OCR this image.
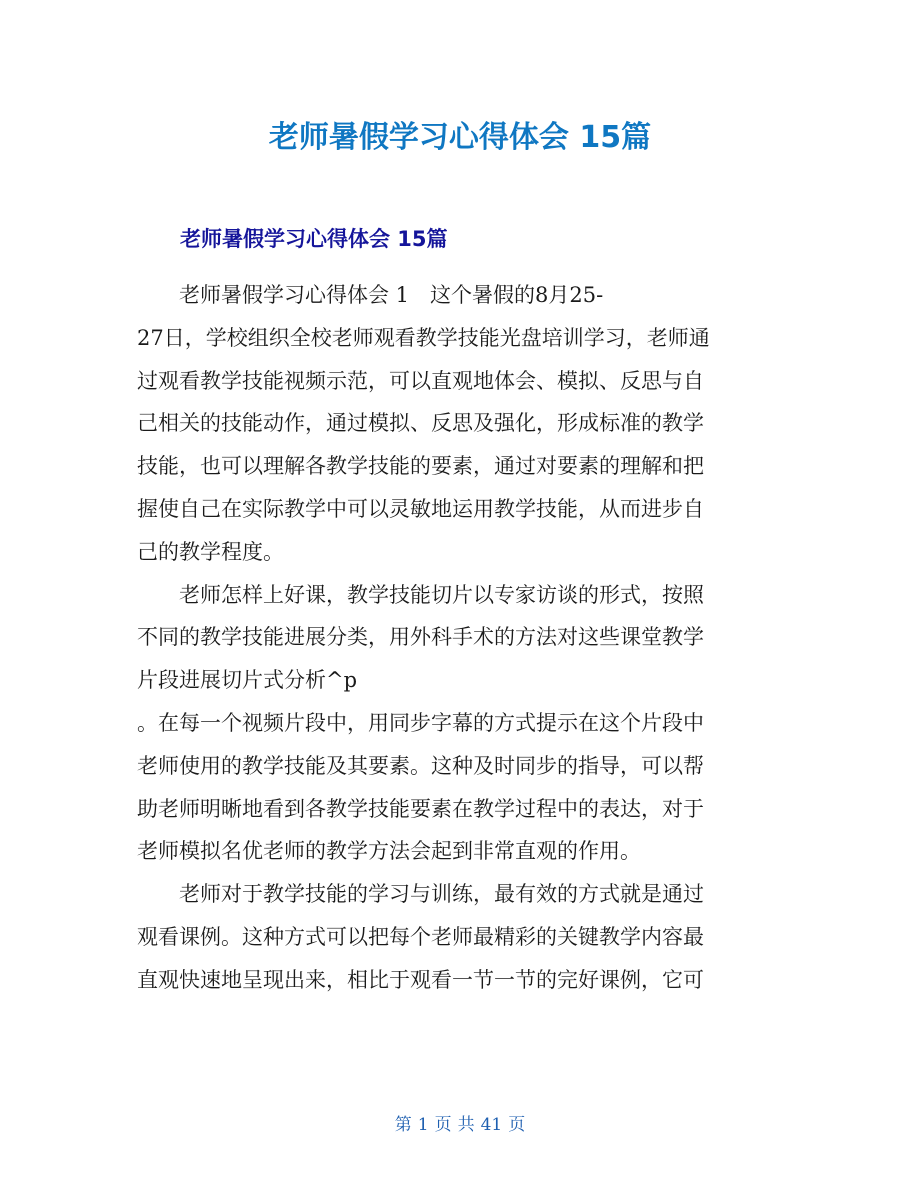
老师暑假学习心得体会 15篇
老师暑假学习心得体会 15篇
老师暑假学习心得体会 1　这个暑假的8月25-
27日，学校组织全校老师观看教学技能光盘培训学习，老师通
过观看教学技能视频示范，可以直观地体会、模拟、反思与自
己相关的技能动作，通过模拟、反思及强化，形成标准的教学
技能，也可以理解各教学技能的要素，通过对要素的理解和把
握使自己在实际教学中可以灵敏地运用教学技能，从而进步自
己的教学程度。
老师怎样上好课，教学技能切片以专家访谈的形式，按照
不同的教学技能进展分类，用外科手术的方法对这些课堂教学
片段进展切片式分析^p
。在每一个视频片段中，用同步字幕的方式提示在这个片段中
老师使用的教学技能及其要素。这种及时同步的指导，可以帮
助老师明晰地看到各教学技能要素在教学过程中的表达，对于
老师模拟名优老师的教学方法会起到非常直观的作用。
老师对于教学技能的学习与训练，最有效的方式就是通过
观看课例。这种方式可以把每个老师最精彩的关键教学内容最
直观快速地呈现出来，相比于观看一节一节的完好课例，它可
第 1 页 共 41 页
